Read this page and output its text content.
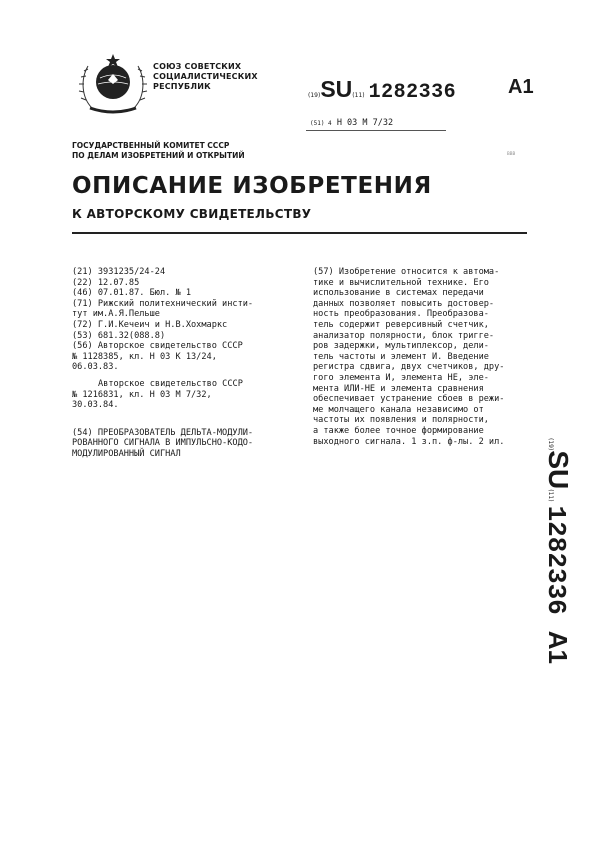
СОЮЗ СОВЕТСКИХ
СОЦИАЛИСТИЧЕСКИХ
РЕСПУБЛИК
(19)SU(11) 1282336	A1
(51) 4 Н 03 М 7/32
ГОСУДАРСТВЕННЫЙ КОМИТЕТ СССР
ПО ДЕЛАМ ИЗОБРЕТЕНИЙ И ОТКРЫТИЙ	ВВВ
ОПИСАНИЕ ИЗОБРЕТЕНИЯ
К АВТОРСКОМУ СВИДЕТЕЛЬСТВУ
(21) 3931235/24-24
(22) 12.07.85
(46) 07.01.87. Бюл. № 1
(71) Рижский политехнический инсти-
тут им.А.Я.Пельше
(72) Г.И.Кечеич и Н.В.Хохмаркс
(53) 681.32(088.8)
(56) Авторское свидетельство СССР
№ 1128385, кл. Н 03 К 13/24,
06.03.83.
Авторское свидетельство СССР
№ 1216831, кл. Н 03 М 7/32,
30.03.84.
(54) ПРЕОБРАЗОВАТЕЛЬ ДЕЛЬТА-МОДУЛИ-
РОВАННОГО СИГНАЛА В ИМПУЛЬСНО-КОДО-
МОДУЛИРОВАННЫЙ СИГНАЛ
(57) Изобретение относится к автома-
тике и вычислительной технике. Его
использование в системах передачи
данных позволяет повысить достовер-
ность преобразования. Преобразова-
тель содержит реверсивный счетчик,
анализатор полярности, блок тригге-
ров задержки, мультиплексор, дели-
тель частоты и элемент И. Введение
регистра сдвига, двух счетчиков, дру-
гого элемента И, элемента НЕ, эле-
мента ИЛИ-НЕ и элемента сравнения
обеспечивает устранение сбоев в режи-
ме молчащего канала независимо от
частоты их появления и полярности,
а также более точное формирование
выходного сигнала. 1 з.п. ф-лы. 2 ил.	(19)SU(11) 1282336    A1
